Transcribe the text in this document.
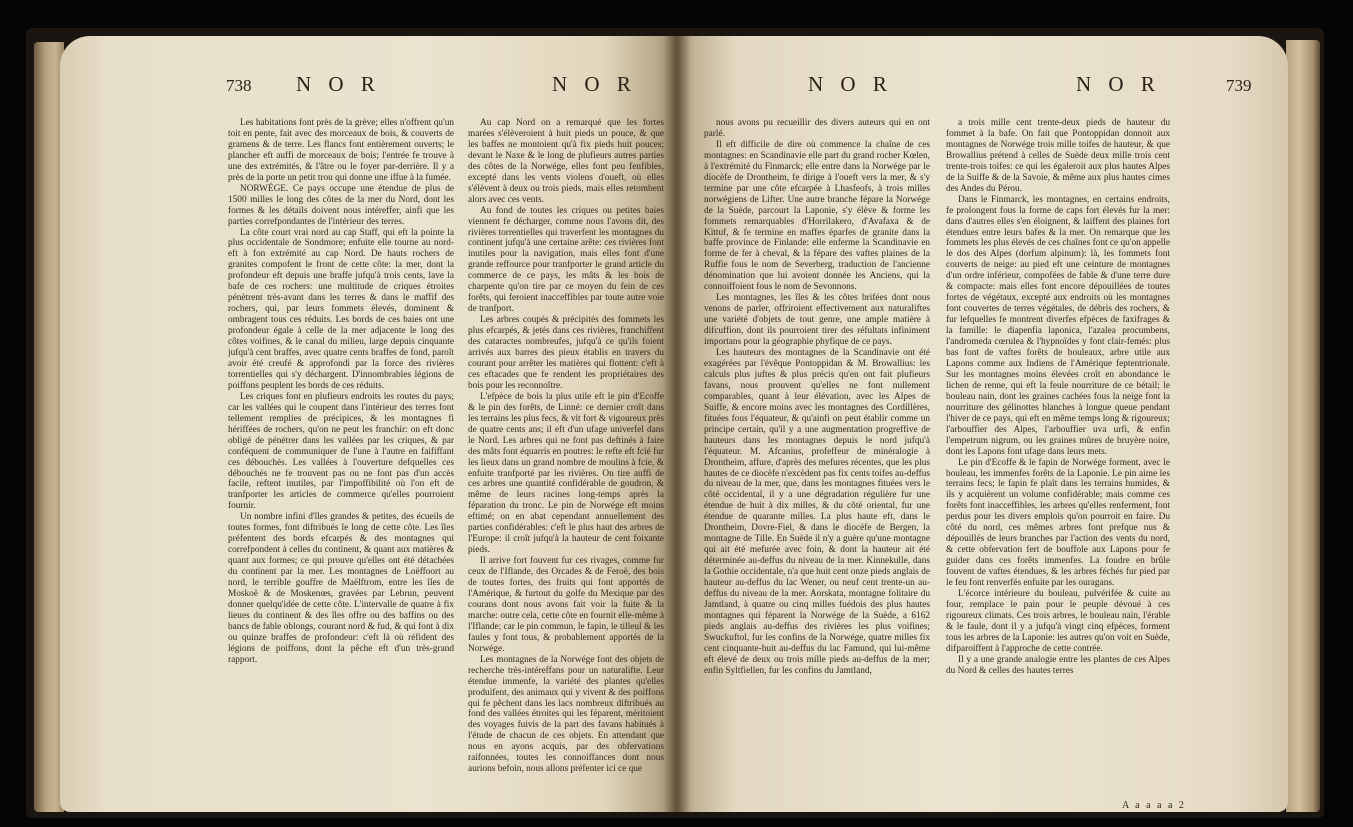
738 N O R	N O R

Les habitations font près de la grève; elles n'offrent qu'un toit en pente, fait avec des morceaux de bois, & couverts de gramens & de terre. Les flancs font entièrement ouverts; le plancher eft auffi de morceaux de bois; l'entrée fe trouve à une des extrémités, & l'âtre ou le foyer par-derrière. Il y a près de la porte un petit trou qui donne une iffue à la fumée.

NORWÉGE. Ce pays occupe une étendue de plus de 1500 milles le long des côtes de la mer du Nord, dont les formes & les détails doivent nous intéreffer, ainfi que les parties correfpondantes de l'intérieur des terres.

La côte court vrai nord au cap Staff, qui eft la pointe la plus occidentale de Sondmore; enfuite elle tourne au nord-eft à fon extrémité au cap Nord. De hauts rochers de granites compofent le front de cette côte: la mer, dont la profondeur eft depuis une braffe jufqu'à trois cents, lave la bafe de ces rochers: une multitude de criques étroites pénètrent très-avant dans les terres & dans le maffif des rochers, qui, par leurs fommets élevés, dominent & ombragent tous ces réduits. Les bords de ces baies ont une profondeur égale à celle de la mer adjacente le long des côtes voifines, & le canal du milieu, large depuis cinquante jufqu'à cent braffes, avec quatre cents braffes de fond, paroît avoir été creufé & approfondi par la force des rivières torrentielles qui s'y déchargent. D'innombrables légions de poiffons peuplent les bords de ces réduits.

Les criques font en plufieurs endroits les routes du pays; car les vallées qui le coupent dans l'intérieur des terres font tellement remplies de précipices, & les montagnes fi hériffées de rochers, qu'on ne peut les franchir: on eft donc obligé de pénétrer dans les vallées par les criques, & par conféquent de communiquer de l'une à l'autre en faififfant ces débouchés. Les vallées à l'ouverture defquelles ces débouchés ne fe trouvent pas ou ne font pas d'un accès facile, reftent inutiles, par l'impoffibilité où l'on eft de tranfporter les articles de commerce qu'elles pourroient fournir.

Un nombre infini d'îles grandes & petites, des écueils de toutes formes, font diftribués le long de cette côte. Les îles préfentent des bords efcarpés & des montagnes qui correfpondent à celles du continent, & quant aux matières & quant aux formes; ce qui prouve qu'elles ont été détachées du continent par la mer. Les montagnes de Loëffoort au nord, le terrible gouffre de Maëlftrom, entre les îles de Moskoë & de Moskenœs, gravées par Lebrun, peuvent donner quelqu'idée de cette côte. L'intervalle de quatre à fix lieues du continent & des îles offre ou des baffins ou des bancs de fable oblongs, courant nord & fud, & qui font à dix ou quinze braffes de profondeur: c'eft là où réfident des légions de poiffons, dont la pêche eft d'un très-grand rapport.

Au cap Nord on a remarqué que les fortes marées s'élèveroient à huit pieds un pouce, & que les baffes ne montoient qu'à fix pieds huit pouces; devant le Naxe & le long de plufieurs autres parties des côtes de la Norwége, elles font peu fenfibles, excepté dans les vents violens d'oueft, où elles s'élèvent à deux ou trois pieds, mais elles retombent alors avec ces vents.

Au fond de toutes les criques ou petites baies viennent fe décharger, comme nous l'avons dit, des rivières torrentielles qui traverfent les montagnes du continent jufqu'à une certaine arête: ces rivières font inutiles pour la navigation, mais elles font d'une grande reffource pour tranfporter le grand article du commerce de ce pays, les mâts & les bois de charpente qu'on tire par ce moyen du fein de ces forêts, qui feroient inacceffibles par toute autre voie de tranfport.

Les arbres coupés & précipités des fommets les plus efcarpés, & jetés dans ces rivières, franchiffent des cataractes nombreufes, jufqu'à ce qu'ils foient arrivés aux barres des pieux établis en travers du courant pour arrêter les matières qui flottent: c'eft à ces eftacades que fe rendent les propriétaires des bois pour les reconnoître.

L'efpèce de bois la plus utile eft le pin d'Ecoffe & le pin des forêts, de Linné: ce dernier croît dans les terrains les plus fecs, & vit fort & vigoureux près de quatre cents ans; il eft d'un ufage univerfel dans le Nord. Les arbres qui ne font pas deftinés à faire des mâts font équarris en poutres: le refte eft fcié fur les lieux dans un grand nombre de moulins à fcie, & enfuite tranfporté par les rivières. On tire auffi de ces arbres une quantité confidérable de goudron, & même de leurs racines long-temps après la féparation du tronc. Le pin de Norwége eft moins eftimé; on en abat cependant annuellement des parties confidérables: c'eft le plus haut des arbres de l'Europe: il croît jufqu'à la hauteur de cent foixante pieds.

Il arrive fort fouvent fur ces rivages, comme fur ceux de l'Iflande, des Orcades & de Feroë, des bois de toutes fortes, des fruits qui font apportés de l'Amérique, & furtout du golfe du Mexique par des courans dont nous avons fait voir la fuite & la marche: outre cela, cette côte en fournit elle-même à l'Iflande; car le pin commun, le fapin, le tilleul & les faules y font tous, & probablement apportés de la Norwége.

Les montagnes de la Norwége font des objets de recherche très-intéreffans pour un naturalifte. Leur étendue immenfe, la variété des plantes qu'elles produifent, des animaux qui y vivent & des poiffons qui fe pêchent dans les lacs nombreux diftribués au fond des vallées étroites qui les féparent, méritoient des voyages fuivis de la part des favans habitués à l'étude de chacun de ces objets. En attendant que nous en ayons acquis, par des obfervations raifonnées, toutes les connoiffances dont nous aurions befoin, nous allons préfenter ici ce que

N O R	N O R	739

nous avons pu recueillir des divers auteurs qui en ont parlé.

Il eft difficile de dire où commence la chaîne de ces montagnes: en Scandinavie elle part du grand rocher Kœlen, à l'extrémité du Finmarck; elle entre dans la Norwége par le diocèfe de Drontheim, fe dirige à l'oueft vers la mer, & s'y termine par une côte efcarpée à Lhasfeofs, à trois milles norwégiens de Lifter. Une autre branche fépare la Norwége de la Suède, parcourt la Laponie, s'y élève & forme les fommets remarquables d'Horrilakero, d'Avafaxa & de Kittuf, & fe termine en maffes éparfes de granite dans la baffe province de Finlande: elle enferme la Scandinavie en forme de fer à cheval, & la fépare des vaftes plaines de la Ruffie fous le nom de Severberg, traduction de l'ancienne dénomination que lui avoient donnée les Anciens, qui la connoiffoient fous le nom de Sevonnons.

Les montagnes, les îles & les côtes brifées dont nous venons de parler, offriroient effectivement aux naturaliftes une variété d'objets de tout genre, une ample matière à difcuffion, dont ils pourroient tirer des réfultats infiniment importans pour la géographie phyfique de ce pays.

Les hauteurs des montagnes de la Scandinavie ont été exagérées par l'évêque Pontoppidan & M. Browallius: les calculs plus juftes & plus précis qu'en ont fait plufieurs favans, nous prouvent qu'elles ne font nullement comparables, quant à leur élévation, avec les Alpes de Suiffe, & encore moins avec les montagnes des Cordillères, fituées fous l'équateur, & qu'ainfi on peut établir comme un principe certain, qu'il y a une augmentation progreffive de hauteurs dans les montagnes depuis le nord jufqu'à l'équateur. M. Afcanius, profeffeur de minéralogie à Drontheim, affure, d'après des mefures récentes, que les plus hautes de ce diocèfe n'excèdent pas fix cents toifes au-deffus du niveau de la mer, que, dans les montagnes fituées vers le côté occidental, il y a une dégradation régulière fur une étendue de huit à dix milles, & du côté oriental, fur une étendue de quarante milles. La plus haute eft, dans le Drontheim, Dovre-Fiel, & dans le diocèfe de Bergen, la montagne de Tille. En Suède il n'y a guère qu'une montagne qui ait été mefurée avec foin, & dont la hauteur ait été déterminée au-deffus du niveau de la mer. Kinnekulle, dans la Gothie occidentale, n'a que huit cent onze pieds anglais de hauteur au-deffus du lac Wener, ou neuf cent trente-un au-deffus du niveau de la mer. Aorskata, montagne folitaire du Jamtland, à quatre ou cinq milles fuédois des plus hautes montagnes qui féparent la Norwége de la Suède, a 6162 pieds anglais au-deffus des rivières les plus voifines; Swuckuftol, fur les confins de la Norwége, quatre milles fix cent cinquante-huit au-deffus du lac Famund, qui lui-même eft élevé de deux ou trois mille pieds au-deffus de la mer; enfin Syltfiellen, fur les confins du Jamtland,

a trois mille cent trente-deux pieds de hauteur du fommet à la bafe. On fait que Pontoppidan donnoit aux montagnes de Norwége trois mille toifes de hauteur, & que Browallius prétend à celles de Suède deux mille trois cent trente-trois toifes: ce qui les égaleroit aux plus hautes Alpes de la Suiffe & de la Savoie, & même aux plus hautes cimes des Andes du Pérou.

Dans le Finmarck, les montagnes, en certains endroits, fe prolongent fous la forme de caps fort élevés fur la mer: dans d'autres elles s'en éloignent, & laiffent des plaines fort étendues entre leurs bafes & la mer. On remarque que les fommets les plus élevés de ces chaînes font ce qu'on appelle le dos des Alpes (dorfum alpinum): là, les fommets font couverts de neige: au pied eft une ceinture de montagnes d'un ordre inférieur, compofées de fable & d'une terre dure & compacte: mais elles font encore dépouillées de toutes fortes de végétaux, excepté aux endroits où les montagnes font couvertes de terres végétales, de débris des rochers, & fur lefquelles fe montrent diverfes efpèces de faxifrages & la famille: le diapenfia laponica, l'azalea procumbens, l'andromeda cœrulea & l'hypnoïdes y font clair-femés: plus bas font de vaftes forêts de bouleaux, arbre utile aux Lapons comme aux Indiens de l'Amérique feptentrionale. Sur les montagnes moins élevées croît en abondance le lichen de renne, qui eft la feule nourriture de ce bétail; le bouleau nain, dont les graines cachées fous la neige font la nourriture des gélinottes blanches à longue queue pendant l'hiver de ce pays, qui eft en même temps long & rigoureux; l'arbouffier des Alpes, l'arbouffier uva urfi, & enfin l'empetrum nigrum, ou les graines mûres de bruyère noire, dont les Lapons font ufage dans leurs mets.

Le pin d'Ecoffe & le fapin de Norwége forment, avec le bouleau, les immenfes forêts de la Laponie. Le pin aime les terrains fecs; le fapin fe plaît dans les terrains humides, & ils y acquièrent un volume confidérable; mais comme ces forêts font inacceffibles, les arbres qu'elles renferment, font perdus pour les divers emplois qu'on pourroit en faire. Du côté du nord, ces mêmes arbres font prefque nus & dépouillés de leurs branches par l'action des vents du nord, & cette obfervation fert de bouffole aux Lapons pour fe guider dans ces forêts immenfes. La foudre en brûle fouvent de vaftes étendues, & les arbres féchés fur pied par le feu font renverfés enfuite par les ouragans.

L'écorce intérieure du bouleau, pulvérifée & cuite au four, remplace le pain pour le peuple dévoué à ces rigoureux climats. Ces trois arbres, le bouleau nain, l'érable & le faule, dont il y a jufqu'à vingt cinq efpèces, forment tous les arbres de la Laponie: les autres qu'on voit en Suède, difparoiffent à l'approche de cette contrée.

Il y a une grande analogie entre les plantes de ces Alpes du Nord & celles des hautes terres

A a a a a 2
